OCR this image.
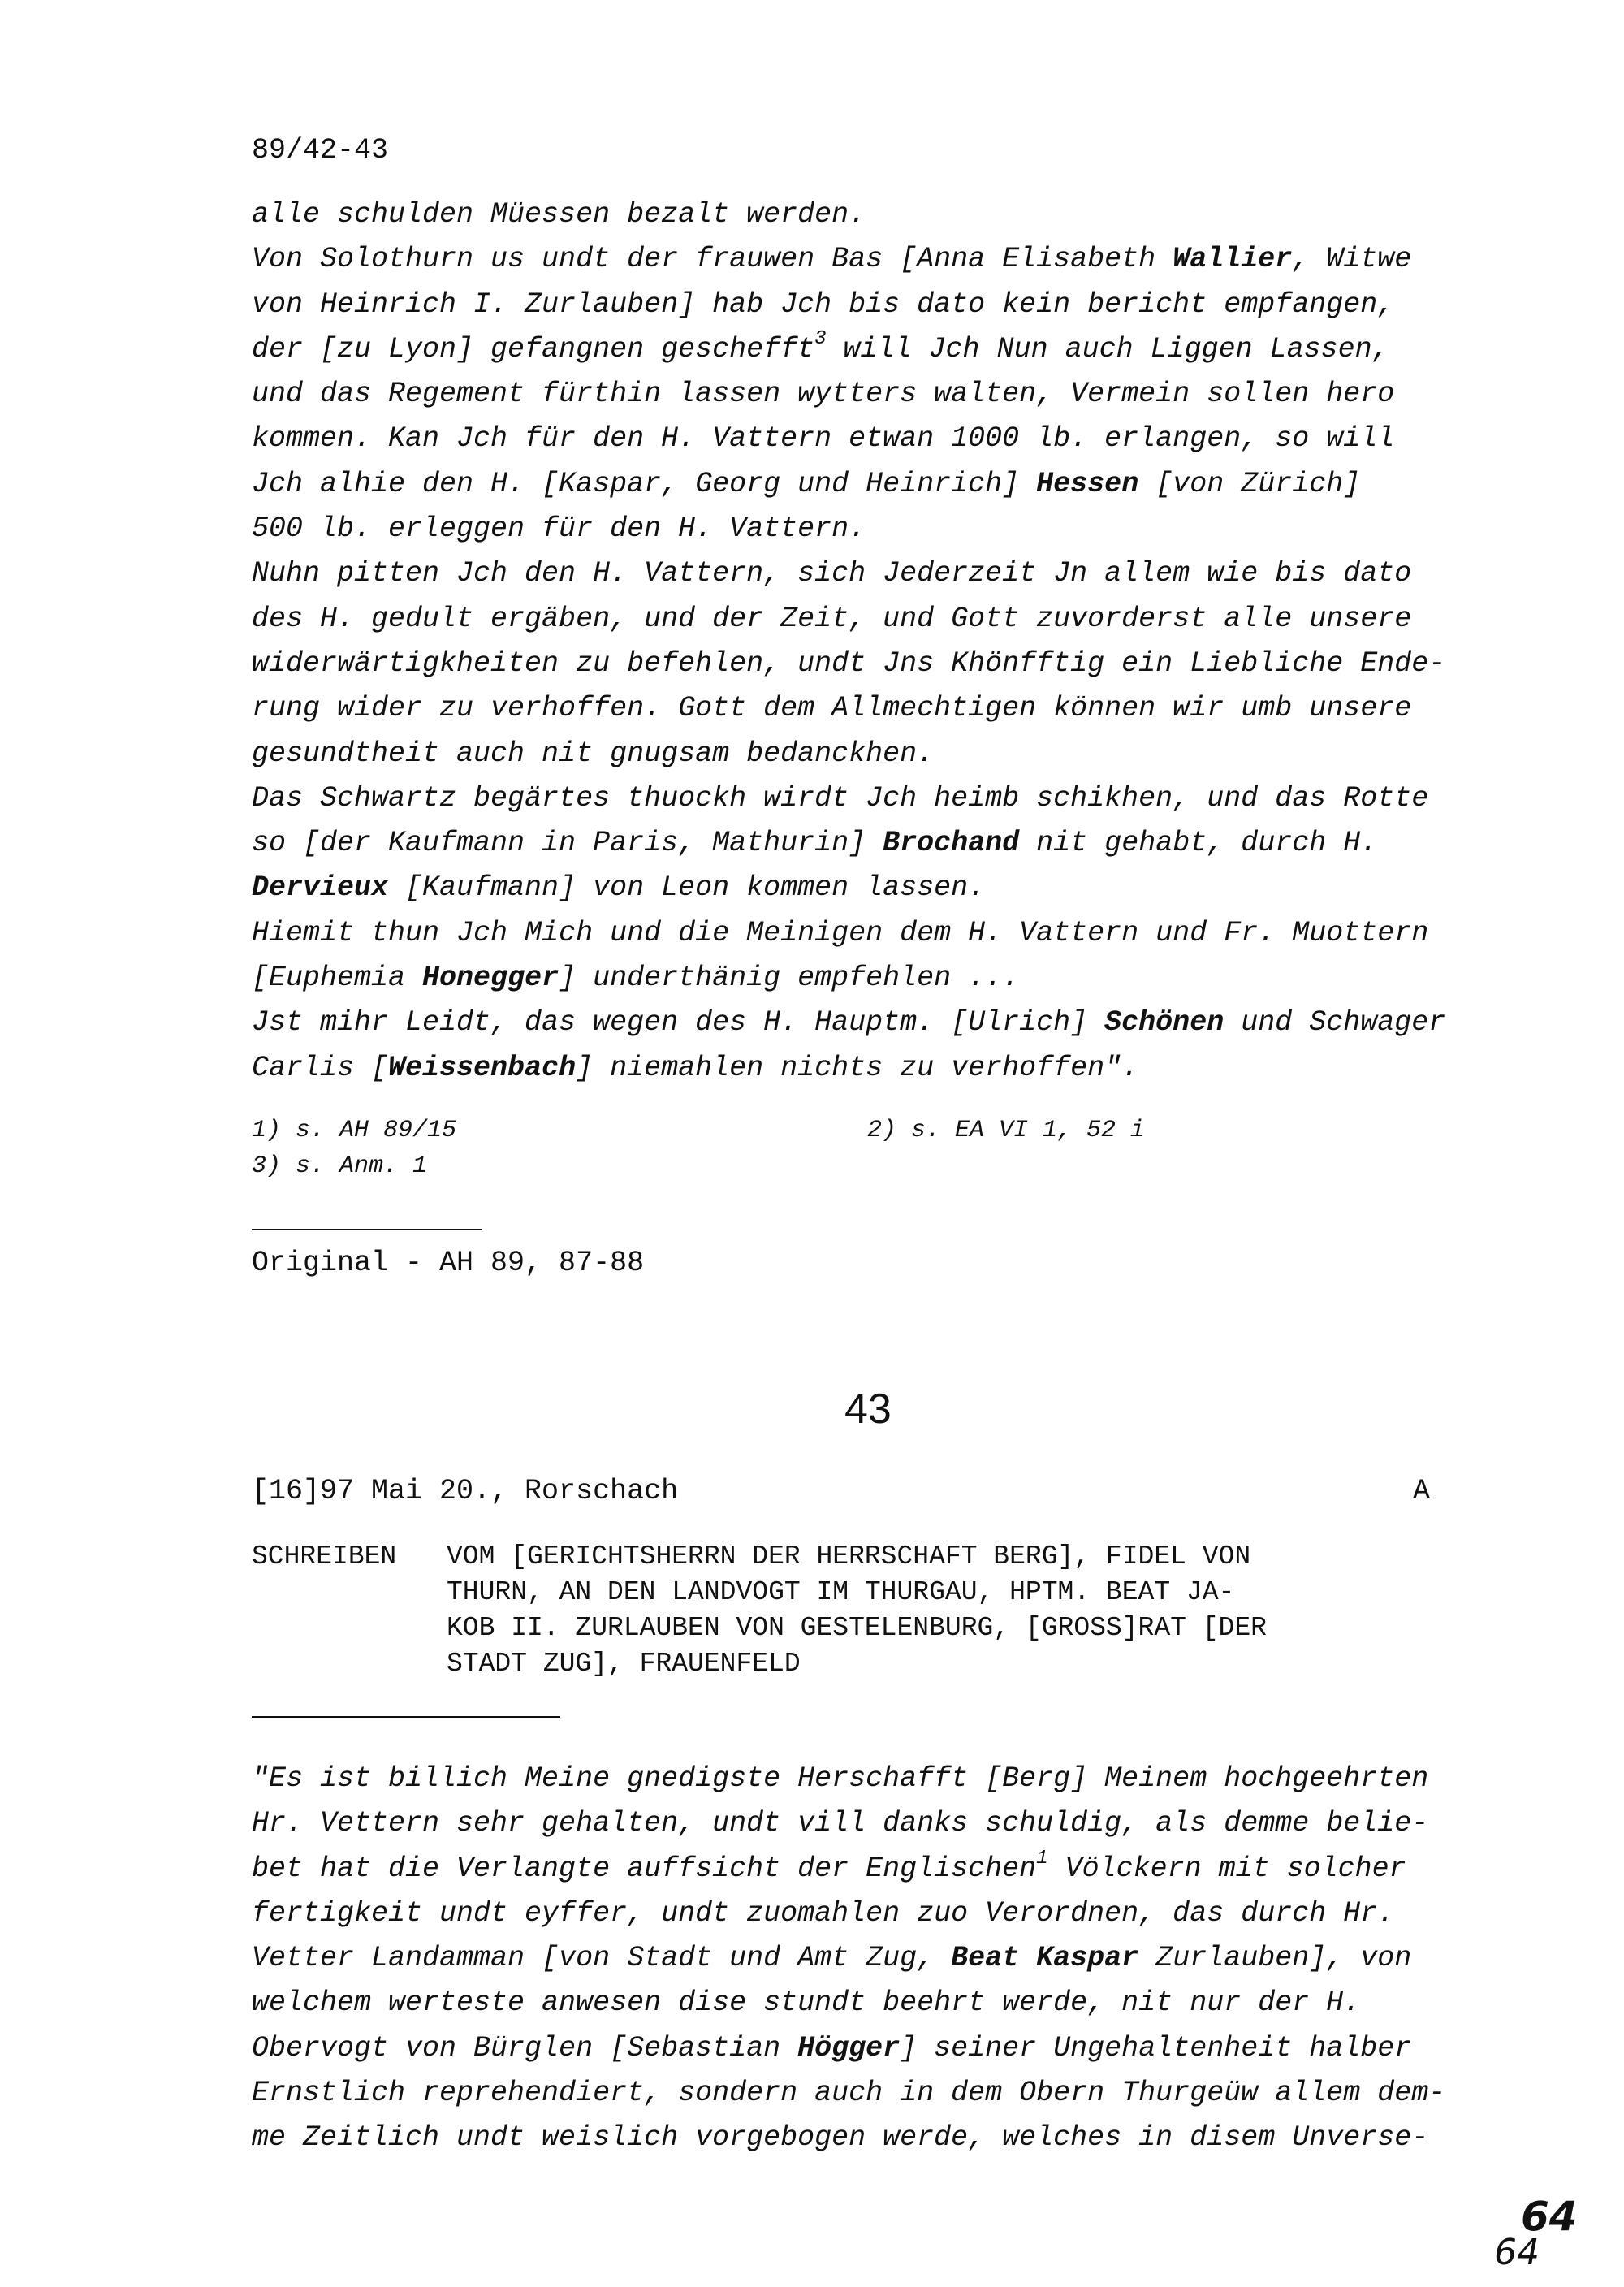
89/42-43
alle schulden Müessen bezalt werden.
Von Solothurn us undt der frauwen Bas [Anna Elisabeth Wallier, Witwe
von Heinrich I. Zurlauben] hab Jch bis dato kein bericht empfangen,
der [zu Lyon] gefangnen geschefft$^3$ will Jch Nun auch Liggen Lassen,
und das Regement fürthin lassen wytters walten, Vermein sollen hero
kommen. Kan Jch für den H. Vattern etwan 1000 lb. erlangen, so will
Jch alhie den H. [Kaspar, Georg und Heinrich] Hessen [von Zürich]
500 lb. erleggen für den H. Vattern.
Nuhn pitten Jch den H. Vattern, sich Jederzeit Jn allem wie bis dato
des H. gedult ergäben, und der Zeit, und Gott zuvorderst alle unsere
widerwärtigkheiten zu befehlen, undt Jns Khönfftig ein Liebliche Ende-
rung wider zu verhoffen. Gott dem Allmechtigen können wir umb unsere
gesundtheit auch nit gnugsam bedanckhen.
Das Schwartz begärtes thuockh wirdt Jch heimb schikhen, und das Rotte
so [der Kaufmann in Paris, Mathurin] Brochand nit gehabt, durch H.
Dervieux [Kaufmann] von Leon kommen lassen.
Hiemit thun Jch Mich und die Meinigen dem H. Vattern und Fr. Muottern
[Euphemia Honegger] underthänig empfehlen ...
Jst mihr Leidt, das wegen des H. Hauptm. [Ulrich] Schönen und Schwager
Carlis [Weissenbach] niemahlen nichts zu verhoffen".
1) s. AH 89/15	2) s. EA VI 1, 52 i
3) s. Anm. 1
Original - AH 89, 87-88
43
[16]97 Mai 20., Rorschach	A
SCHREIBEN VOM [GERICHTSHERRN DER HERRSCHAFT BERG], FIDEL VON
THURN, AN DEN LANDVOGT IM THURGAU, HPTM. BEAT JA-
KOB II. ZURLAUBEN VON GESTELENBURG, [GROSS]RAT [DER
STADT ZUG], FRAUENFELD
"Es ist billich Meine gnedigste Herschafft [Berg] Meinem hochgeehrten
Hr. Vettern sehr gehalten, undt vill danks schuldig, als demme belie-
bet hat die Verlangte auffsicht der Englischen$^1$ Völckern mit solcher
fertigkeit undt eyffer, undt zuomahlen zuo Verordnen, das durch Hr.
Vetter Landamman [von Stadt und Amt Zug, Beat Kaspar Zurlauben], von
welchem werteste anwesen dise stundt beehrt werde, nit nur der H.
Obervogt von Bürglen [Sebastian Högger] seiner Ungehaltenheit halber
Ernstlich reprehendiert, sondern auch in dem Obern Thurgeüw allem dem-
me Zeitlich undt weislich vorgebogen werde, welches in disem Unverse-
64
64
